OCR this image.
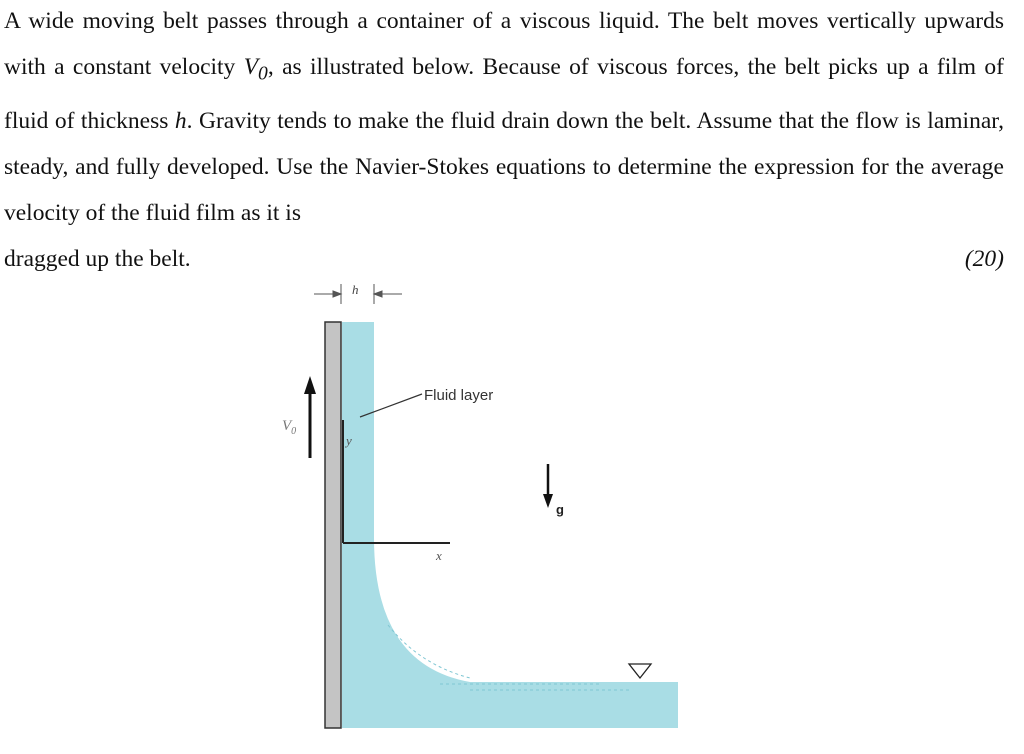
A wide moving belt passes through a container of a viscous liquid. The belt moves vertically upwards with a constant velocity $V_0$, as illustrated below. Because of viscous forces, the belt picks up a film of fluid of thickness h. Gravity tends to make the fluid drain down the belt. Assume that the flow is laminar, steady, and fully developed. Use the Navier-Stokes equations to determine the expression for the average velocity of the fluid film as it is

dragged up the belt.	(20)
h
$V_0$
y
x
Fluid layer
g
